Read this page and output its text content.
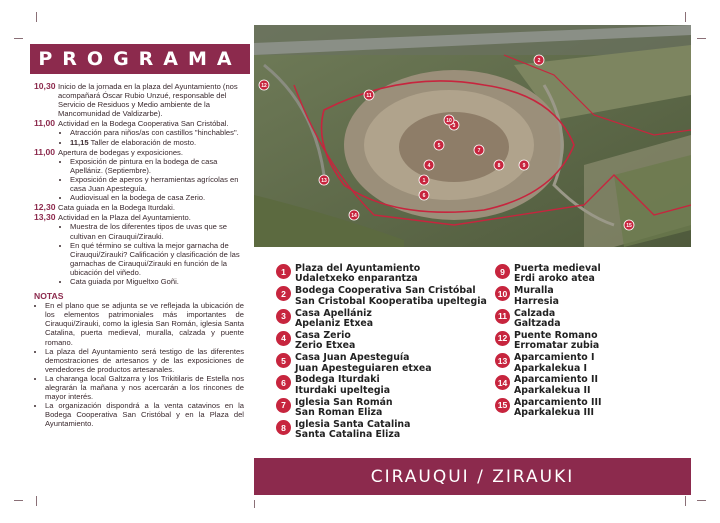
PROGRAMA
10,30 Inicio de la jornada en la plaza del Ayuntamiento (nos acompañará Óscar Rubio Unzué, responsable del Servicio de Residuos y Medio ambiente de la Mancomunidad de Valdizarbe).
11,00 Actividad en la Bodega Cooperativa San Cristóbal.
• Atracción para niños/as con castillos "hinchables".
• 11,15 Taller de elaboración de mosto.
11,00 Apertura de bodegas y exposiciones.
• Exposición de pintura en la bodega de casa Apellániz. (Septiembre).
• Exposición de aperos y herramientas agrícolas en casa Juan Apesteguía.
• Audiovisual en la bodega de casa Zerio.
12,30 Cata guiada en la Bodega Iturdaki.
13,30 Actividad en la Plaza del Ayuntamiento.
• Muestra de los diferentes tipos de uvas que se cultivan en Cirauqui/Zirauki.
• En qué término se cultiva la mejor garnacha de Cirauqui/Zirauki? Calificación y clasificación de las garnachas de Cirauqui/Zirauki en función de la ubicación del viñedo.
• Cata guiada por Migueltxo Goñi.
NOTAS
• En el plano que se adjunta se ve reflejada la ubicación de los elementos patrimoniales más importantes de Cirauqui/Zirauki, como la iglesia San Román, iglesia Santa Catalina, puerta medieval, muralla, calzada y puente romano.
• La plaza del Ayuntamiento será testigo de las diferentes demostraciones de artesanos y de las exposiciones de vendedores de productos artesanales.
• La charanga local Galtzarra y los Trikitilaris de Estella nos alegrarán la mañana y nos acercarán a los rincones de mayor interés.
• La organización dispondrá a la venta catavinos en la Bodega Cooperativa San Cristóbal y en la Plaza del Ayuntamiento.
1
2
3
4
5
6
7
8	9
10
11
12
13
14
15
1 Plaza del Ayuntamiento
Udaletxeko enparantza
2 Bodega Cooperativa San Cristóbal
San Cristobal Kooperatiba upeltegia
3 Casa Apellániz
Apelaniz Etxea
4 Casa Zerio
Zerio Etxea
5 Casa Juan Apesteguía
Juan Apesteguiaren etxea
6 Bodega Iturdaki
Iturdaki upeltegia
7 Iglesia San Román
San Roman Eliza
8 Iglesia Santa Catalina
Santa Catalina Eliza
9 Puerta medieval
Erdi aroko atea
10 Muralla
Harresia
11 Calzada
Galtzada
12 Puente Romano
Erromatar zubia
13 Aparcamiento I
Aparkalekua I
14 Aparcamiento II
Aparkalekua II
15 Aparcamiento III
Aparkalekua III
CIRAUQUI / ZIRAUKI
